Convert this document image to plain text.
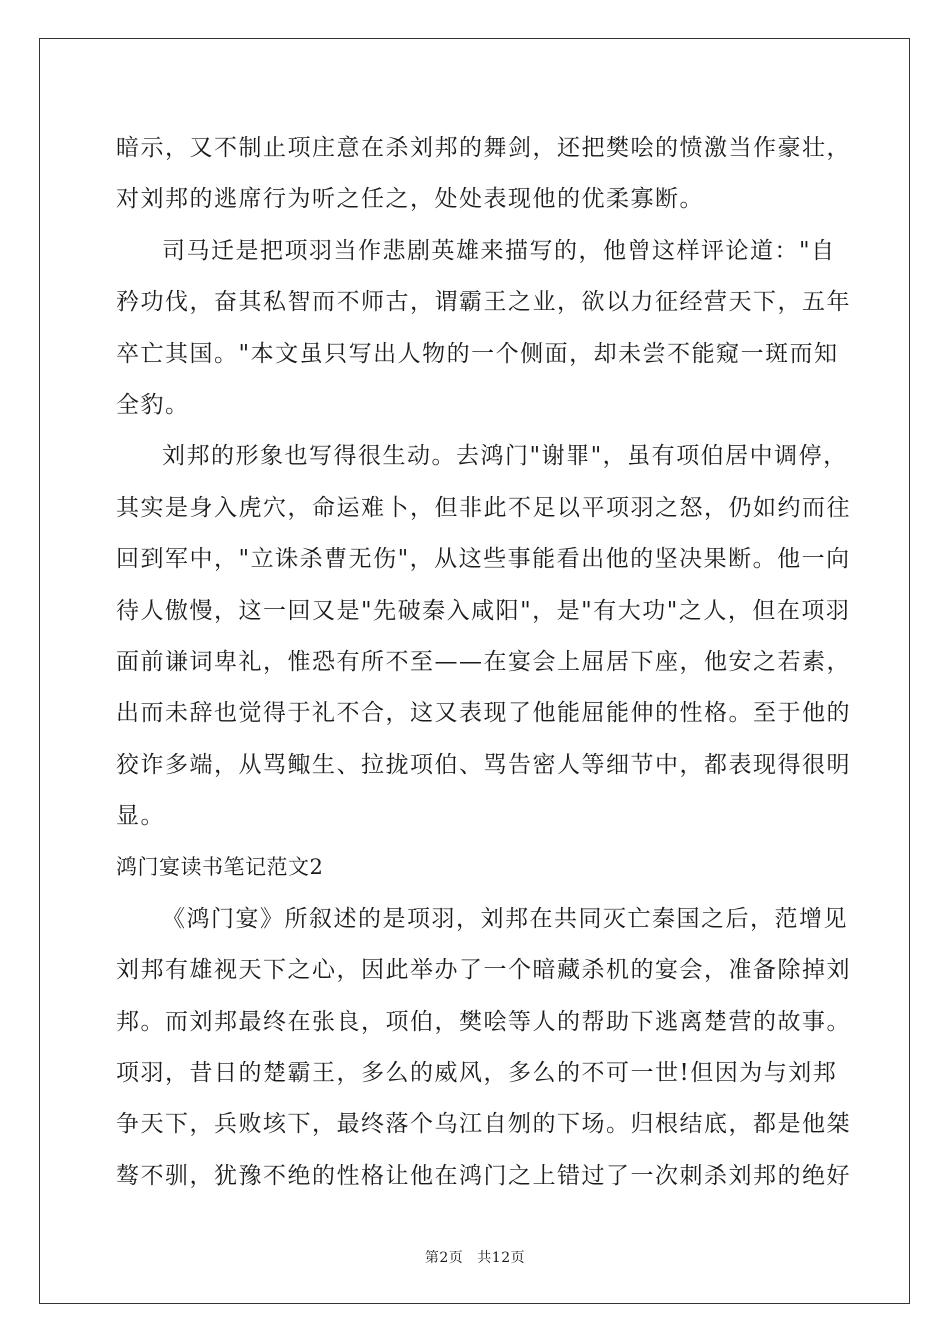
暗示，又不制止项庄意在杀刘邦的舞剑，还把樊哙的愤激当作豪壮，
对刘邦的逃席行为听之任之，处处表现他的优柔寡断。
司马迁是把项羽当作悲剧英雄来描写的，他曾这样评论道："自
矜功伐，奋其私智而不师古，谓霸王之业，欲以力征经营天下，五年
卒亡其国。"本文虽只写出人物的一个侧面，却未尝不能窥一斑而知
全豹。
刘邦的形象也写得很生动。去鸿门"谢罪"，虽有项伯居中调停，
其实是身入虎穴，命运难卜，但非此不足以平项羽之怒，仍如约而往
回到军中，"立诛杀曹无伤"，从这些事能看出他的坚决果断。他一向
待人傲慢，这一回又是"先破秦入咸阳"，是"有大功"之人，但在项羽
面前谦词卑礼，惟恐有所不至——在宴会上屈居下座，他安之若素，
出而未辞也觉得于礼不合，这又表现了他能屈能伸的性格。至于他的
狡诈多端，从骂鲰生、拉拢项伯、骂告密人等细节中，都表现得很明
显。
鸿门宴读书笔记范文2
《鸿门宴》所叙述的是项羽，刘邦在共同灭亡秦国之后，范增见
刘邦有雄视天下之心，因此举办了一个暗藏杀机的宴会，准备除掉刘
邦。而刘邦最终在张良，项伯，樊哙等人的帮助下逃离楚营的故事。
项羽，昔日的楚霸王，多么的威风，多么的不可一世!但因为与刘邦
争天下，兵败垓下，最终落个乌江自刎的下场。归根结底，都是他桀
骜不驯，犹豫不绝的性格让他在鸿门之上错过了一次刺杀刘邦的绝好
第2页 共12页
